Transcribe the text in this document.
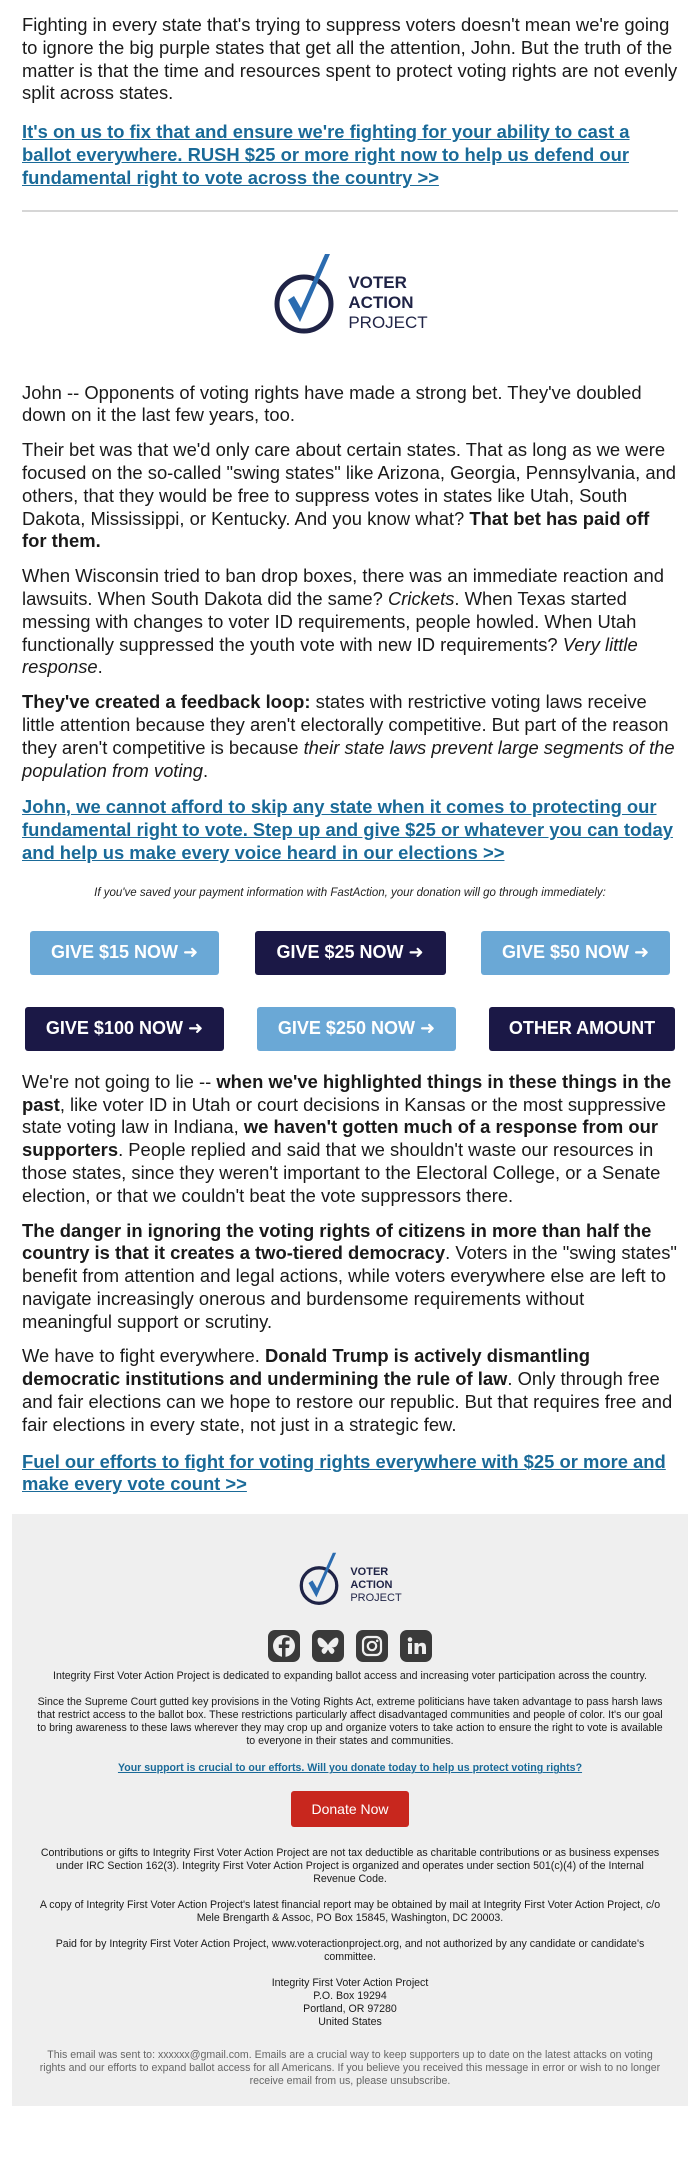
Fighting in every state that's trying to suppress voters doesn't mean we're going to ignore the big purple states that get all the attention, John. But the truth of the matter is that the time and resources spent to protect voting rights are not evenly split across states.

It's on us to fix that and ensure we're fighting for your ability to cast a ballot everywhere. RUSH $25 or more right now to help us defend our fundamental right to vote across the country >>
VOTER
ACTION
PROJECT

John -- Opponents of voting rights have made a strong bet. They've doubled down on it the last few years, too.

Their bet was that we'd only care about certain states. That as long as we were focused on the so-called "swing states" like Arizona, Georgia, Pennsylvania, and others, that they would be free to suppress votes in states like Utah, South Dakota, Mississippi, or Kentucky. And you know what? That bet has paid off for them.

When Wisconsin tried to ban drop boxes, there was an immediate reaction and lawsuits. When South Dakota did the same? Crickets. When Texas started messing with changes to voter ID requirements, people howled. When Utah functionally suppressed the youth vote with new ID requirements? Very little response.

They've created a feedback loop: states with restrictive voting laws receive little attention because they aren't electorally competitive. But part of the reason they aren't competitive is because their state laws prevent large segments of the population from voting.

John, we cannot afford to skip any state when it comes to protecting our fundamental right to vote. Step up and give $25 or whatever you can today and help us make every voice heard in our elections >>
If you've saved your payment information with FastAction, your donation will go through immediately:
GIVE $15 NOW ➜	GIVE $25 NOW ➜	GIVE $50 NOW ➜
GIVE $100 NOW ➜	GIVE $250 NOW ➜	OTHER AMOUNT

We're not going to lie -- when we've highlighted things in these things in the past, like voter ID in Utah or court decisions in Kansas or the most suppressive state voting law in Indiana, we haven't gotten much of a response from our supporters. People replied and said that we shouldn't waste our resources in those states, since they weren't important to the Electoral College, or a Senate election, or that we couldn't beat the vote suppressors there.

The danger in ignoring the voting rights of citizens in more than half the country is that it creates a two-tiered democracy. Voters in the "swing states" benefit from attention and legal actions, while voters everywhere else are left to navigate increasingly onerous and burdensome requirements without meaningful support or scrutiny.

We have to fight everywhere. Donald Trump is actively dismantling democratic institutions and undermining the rule of law. Only through free and fair elections can we hope to restore our republic. But that requires free and fair elections in every state, not just in a strategic few.

Fuel our efforts to fight for voting rights everywhere with $25 or more and make every vote count >>
VOTER
ACTION
PROJECT

Integrity First Voter Action Project is dedicated to expanding ballot access and increasing voter participation across the country.

Since the Supreme Court gutted key provisions in the Voting Rights Act, extreme politicians have taken advantage to pass harsh laws that restrict access to the ballot box. These restrictions particularly affect disadvantaged communities and people of color. It's our goal to bring awareness to these laws wherever they may crop up and organize voters to take action to ensure the right to vote is available to everyone in their states and communities.

Your support is crucial to our efforts. Will you donate today to help us protect voting rights?
Donate Now

Contributions or gifts to Integrity First Voter Action Project are not tax deductible as charitable contributions or as business expenses under IRC Section 162(3). Integrity First Voter Action Project is organized and operates under section 501(c)(4) of the Internal Revenue Code.

A copy of Integrity First Voter Action Project's latest financial report may be obtained by mail at Integrity First Voter Action Project, c/o Mele Brengarth & Assoc, PO Box 15845, Washington, DC 20003.

Paid for by Integrity First Voter Action Project, www.voteractionproject.org, and not authorized by any candidate or candidate's committee.

Integrity First Voter Action Project

P.O. Box 19294

Portland, OR 97280

United States

This email was sent to: xxxxxx@gmail.com. Emails are a crucial way to keep supporters up to date on the latest attacks on voting rights and our efforts to expand ballot access for all Americans. If you believe you received this message in error or wish to no longer receive email from us, please unsubscribe.
